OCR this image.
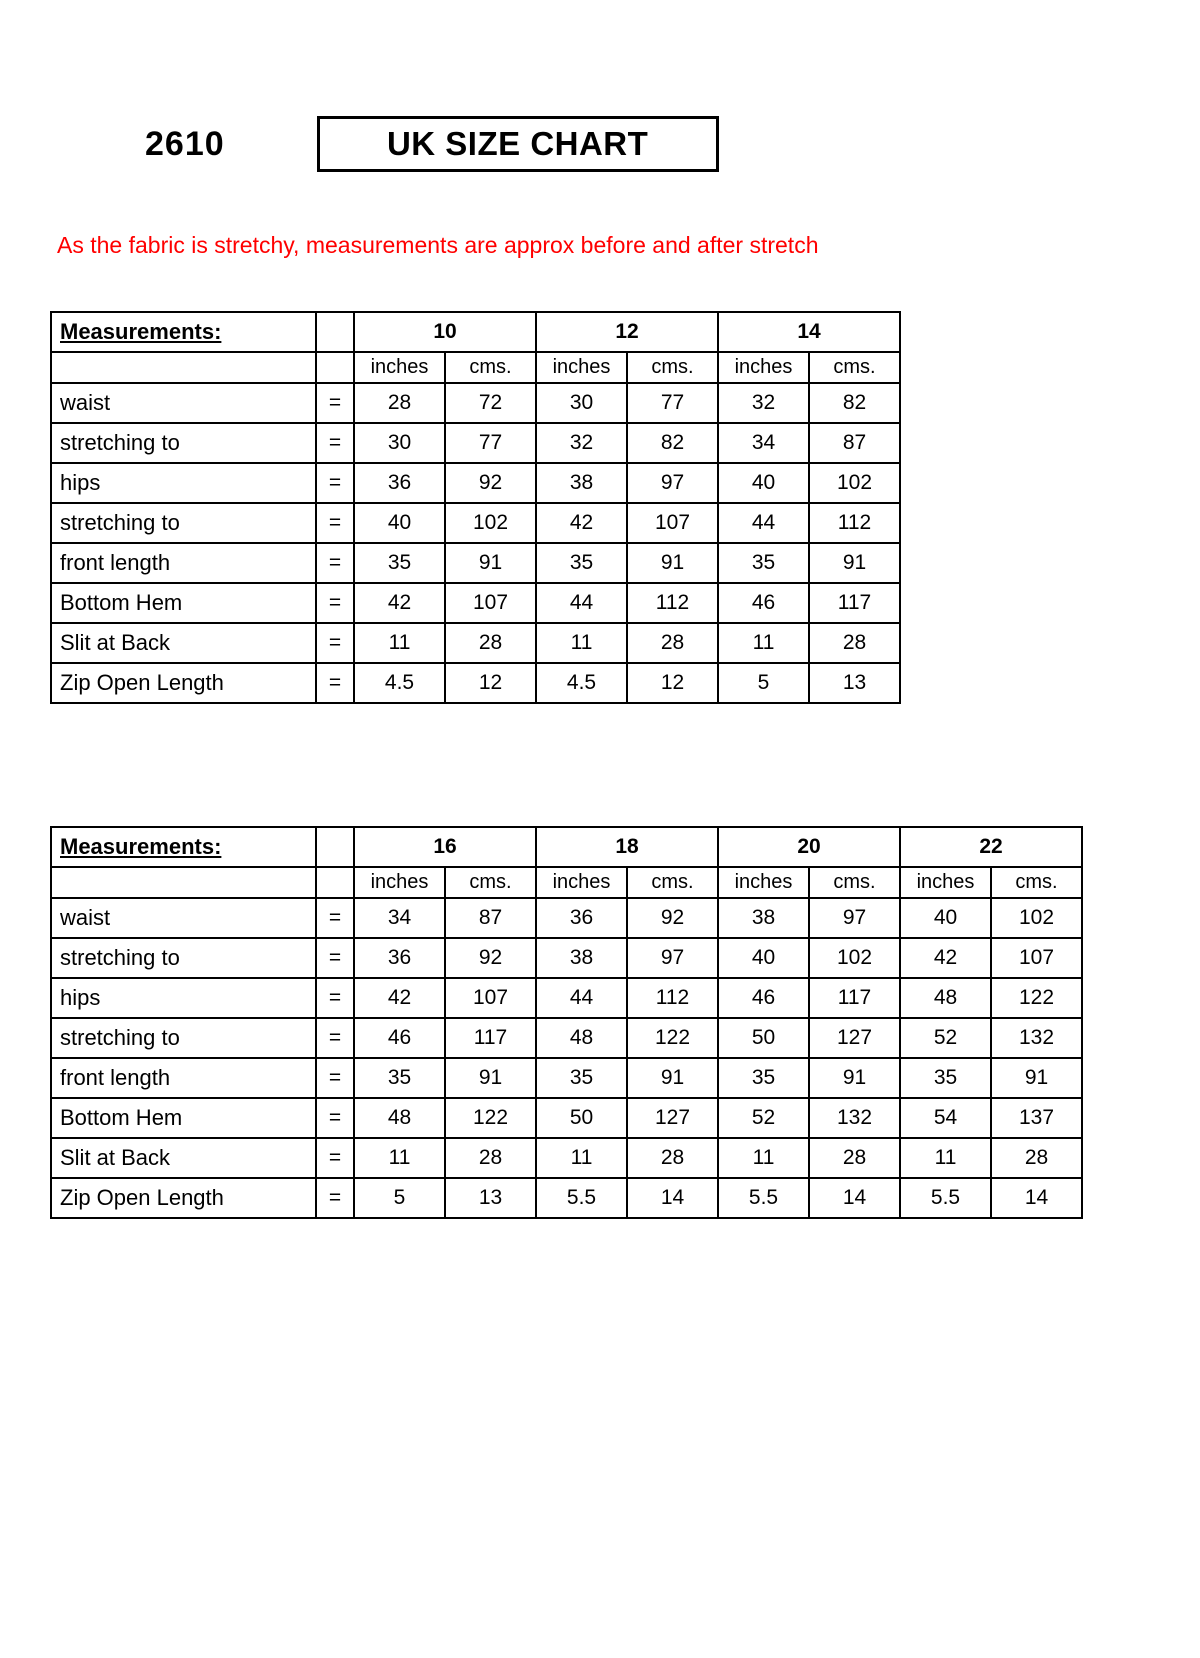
2610	UK SIZE CHART

As the fabric is stretchy, measurements are approx before and after stretch

Measurements:		10		12		14	
		inches	cms.	inches	cms.	inches	cms.
waist	=	28	72	30	77	32	82
stretching to	=	30	77	32	82	34	87
hips	=	36	92	38	97	40	102
stretching to	=	40	102	42	107	44	112
front length	=	35	91	35	91	35	91
Bottom Hem	=	42	107	44	112	46	117
Slit at Back	=	11	28	11	28	11	28
Zip Open Length	=	4.5	12	4.5	12	5	13
Measurements:		16		18		20		22	
		inches	cms.	inches	cms.	inches	cms.	inches	cms.
waist	=	34	87	36	92	38	97	40	102
stretching to	=	36	92	38	97	40	102	42	107
hips	=	42	107	44	112	46	117	48	122
stretching to	=	46	117	48	122	50	127	52	132
front length	=	35	91	35	91	35	91	35	91
Bottom Hem	=	48	122	50	127	52	132	54	137
Slit at Back	=	11	28	11	28	11	28	11	28
Zip Open Length	=	5	13	5.5	14	5.5	14	5.5	14
